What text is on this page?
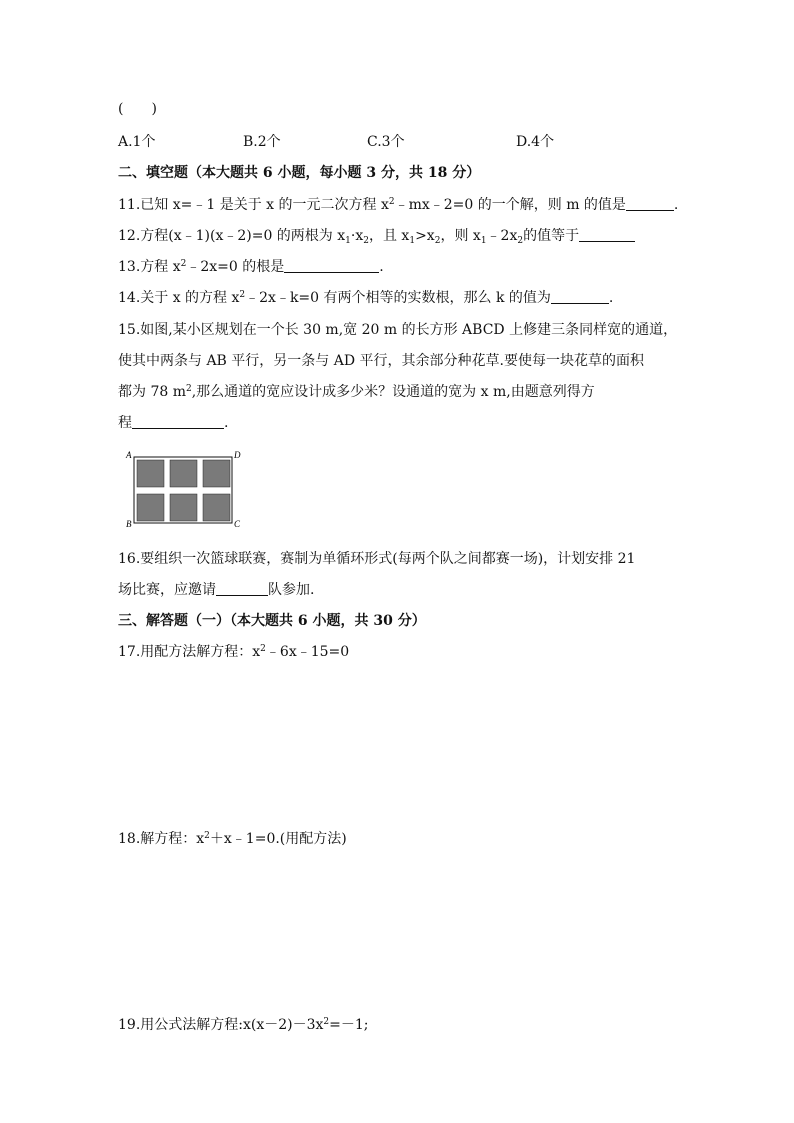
(　　)
A.1个	B.2个	C.3个	D.4个
二、填空题（本大题共 6 小题，每小题 3 分，共 18 分）
11.已知 x=﹣1 是关于 x 的一元二次方程 $x^2﹣mx﹣2=0$ 的一个解，则 m 的值是	.
12.方程(x﹣1)(x﹣2)=0 的两根为 $x_1\cdot x_2$，且 $x_1>x_2$，则 $x_1﹣2x_2$的值等于
13.方程 $x^2﹣2x=0$ 的根是	.
14.关于 x 的方程 $x^2﹣2x﹣k=0$ 有两个相等的实数根，那么 k 的值为	.
15.如图,某小区规划在一个长 30 m,宽 20 m 的长方形 ABCD 上修建三条同样宽的通道，
使其中两条与 AB 平行，另一条与 AD 平行，其余部分种花草.要使每一块花草的面积
都为 78 $m^2$,那么通道的宽应设计成多少米？设通道的宽为 x m,由题意列得方
程	.
A	D
B	C
16.要组织一次篮球联赛，赛制为单循环形式(每两个队之间都赛一场)，计划安排 21
场比赛，应邀请	队参加.
三、解答题（一）（本大题共 6 小题，共 30 分）
17.用配方法解方程：$x^2﹣6x﹣15=0$
18.解方程：$x^2+x﹣1=0$.(用配方法)
19.用公式法解方程$:x(x-2)-3x^2=-1$;
